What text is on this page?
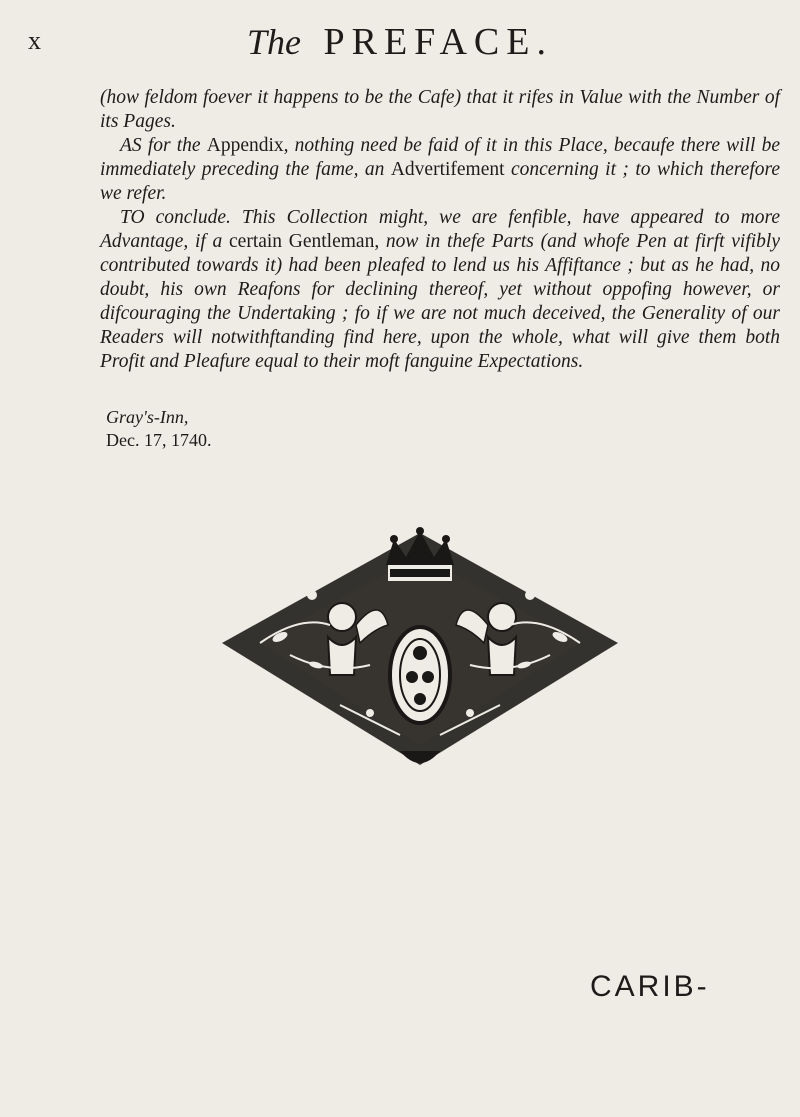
x	The PREFACE.

(how feldom foever it happens to be the Cafe) that it rifes in Value with the Number of its Pages.

AS for the Appendix, nothing need be faid of it in this Place, becaufe there will be immediately preceding the fame, an Advertifement concerning it ; to which therefore we refer.

TO conclude. This Collection might, we are fenfible, have appeared to more Advantage, if a certain Gentleman, now in thefe Parts (and whofe Pen at firft vifibly contributed towards it) had been pleafed to lend us his Affiftance ; but as he had, no doubt, his own Reafons for declining thereof, yet without oppofing however, or difcouraging the Undertaking ; fo if we are not much deceived, the Generality of our Readers will notwithftanding find here, upon the whole, what will give them both Profit and Pleafure equal to their moft fanguine Expectations.

Gray's-Inn,
Dec. 17, 1740.
CARIB-
